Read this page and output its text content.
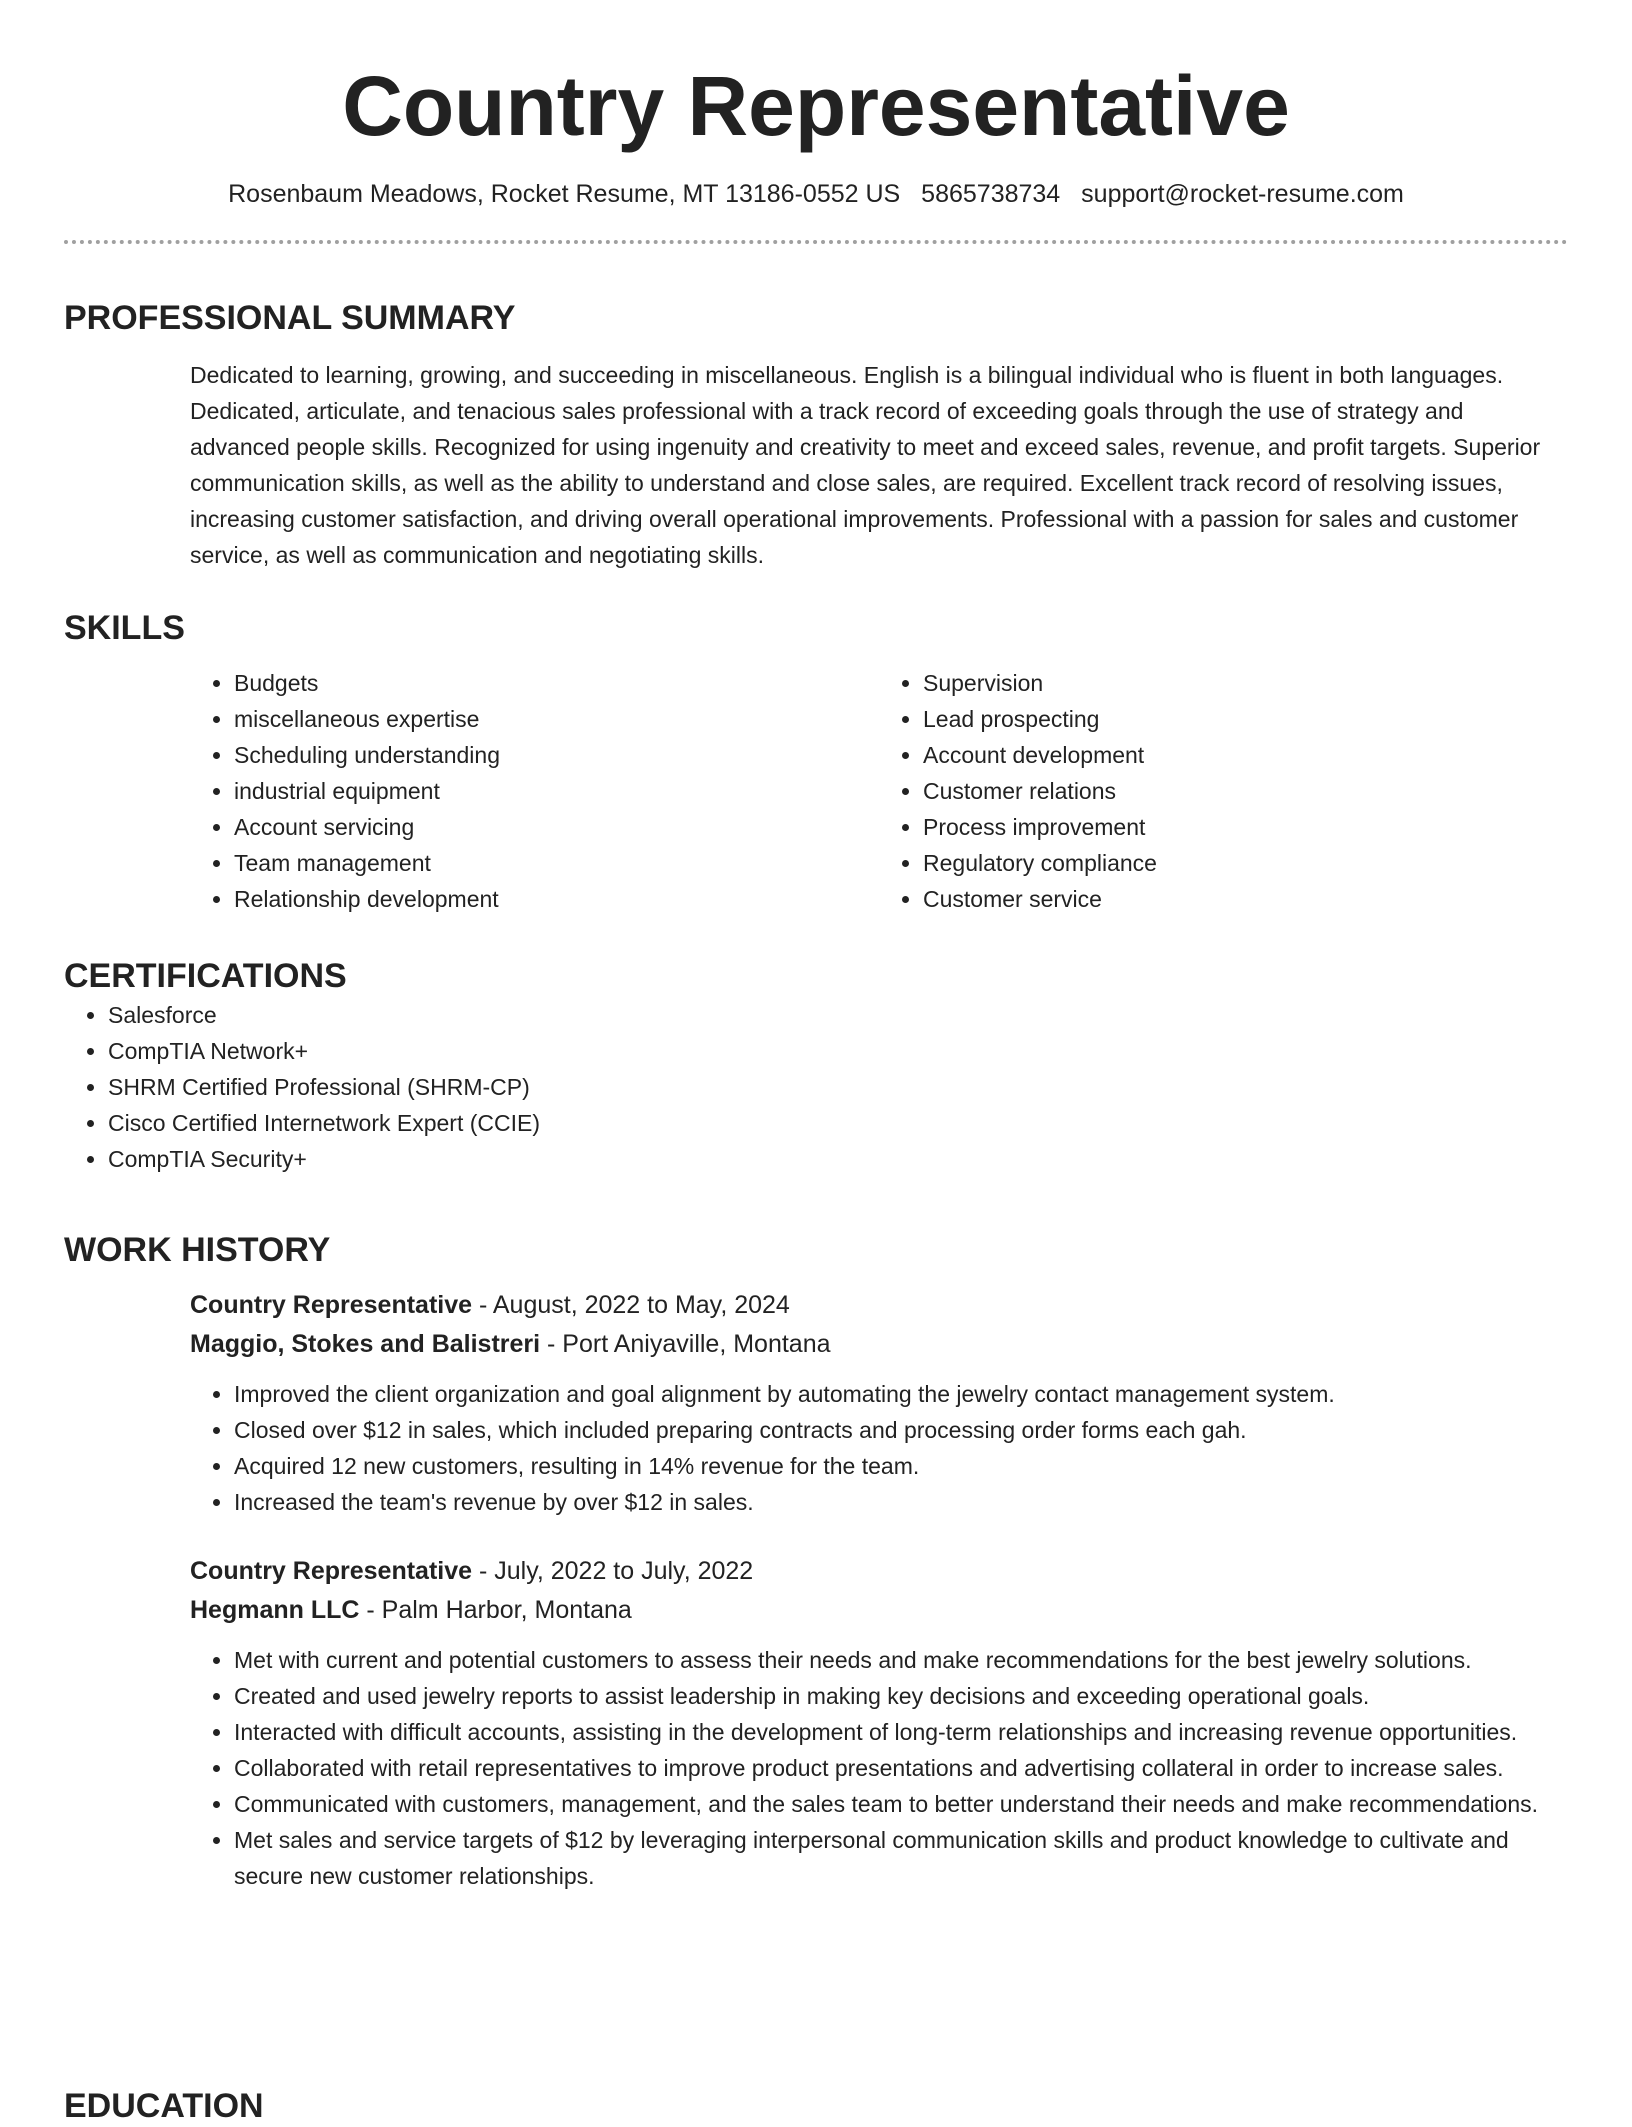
Country Representative
Rosenbaum Meadows, Rocket Resume, MT 13186-0552 US 5865738734 support@rocket-resume.com
PROFESSIONAL SUMMARY

Dedicated to learning, growing, and succeeding in miscellaneous. English is a bilingual individual who is fluent in both languages. Dedicated, articulate, and tenacious sales professional with a track record of exceeding goals through the use of strategy and advanced people skills. Recognized for using ingenuity and creativity to meet and exceed sales, revenue, and profit targets. Superior communication skills, as well as the ability to understand and close sales, are required. Excellent track record of resolving issues, increasing customer satisfaction, and driving overall operational improvements. Professional with a passion for sales and customer service, as well as communication and negotiating skills.

SKILLS
• Budgets
• miscellaneous expertise
• Scheduling understanding
• industrial equipment
• Account servicing
• Team management
• Relationship development
• Supervision
• Lead prospecting
• Account development
• Customer relations
• Process improvement
• Regulatory compliance
• Customer service
CERTIFICATIONS
• Salesforce
• CompTIA Network+
• SHRM Certified Professional (SHRM-CP)
• Cisco Certified Internetwork Expert (CCIE)
• CompTIA Security+
WORK HISTORY
Country Representative - August, 2022 to May, 2024
Maggio, Stokes and Balistreri - Port Aniyaville, Montana
• Improved the client organization and goal alignment by automating the jewelry contact management system.
• Closed over $12 in sales, which included preparing contracts and processing order forms each gah.
• Acquired 12 new customers, resulting in 14% revenue for the team.
• Increased the team's revenue by over $12 in sales.
Country Representative - July, 2022 to July, 2022
Hegmann LLC - Palm Harbor, Montana
• Met with current and potential customers to assess their needs and make recommendations for the best jewelry solutions.
• Created and used jewelry reports to assist leadership in making key decisions and exceeding operational goals.
• Interacted with difficult accounts, assisting in the development of long-term relationships and increasing revenue opportunities.
• Collaborated with retail representatives to improve product presentations and advertising collateral in order to increase sales.
• Communicated with customers, management, and the sales team to better understand their needs and make recommendations.
• Met sales and service targets of $12 by leveraging interpersonal communication skills and product knowledge to cultivate and secure new customer relationships.
EDUCATION
